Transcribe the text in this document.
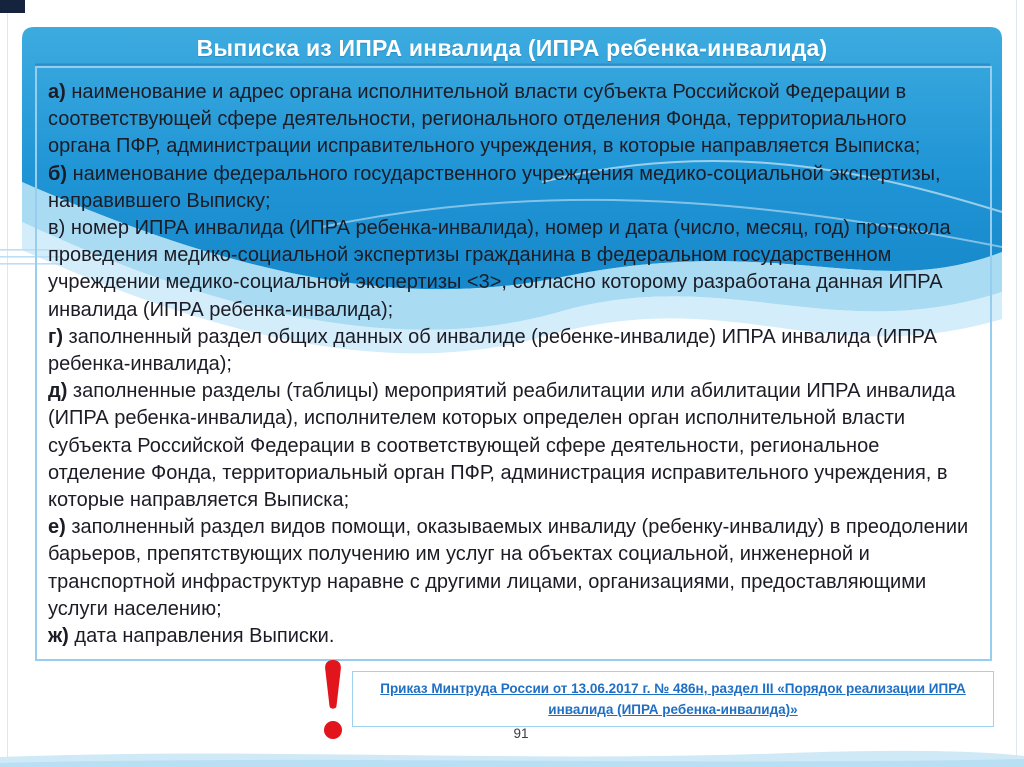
Выписка из ИПРА инвалида (ИПРА ребенка-инвалида)

а) наименование и адрес органа исполнительной власти субъекта Российской Федерации в соответствующей сфере деятельности, регионального отделения Фонда, территориального органа ПФР, администрации исправительного учреждения, в которые направляется Выписка;

б) наименование федерального государственного учреждения медико-социальной экспертизы, направившего Выписку;

в) номер ИПРА инвалида (ИПРА ребенка-инвалида), номер и дата (число, месяц, год) протокола проведения медико-социальной экспертизы гражданина в федеральном государственном учреждении медико-социальной экспертизы <3>, согласно которому разработана данная ИПРА инвалида (ИПРА ребенка-инвалида);

г) заполненный раздел общих данных об инвалиде (ребенке-инвалиде) ИПРА инвалида (ИПРА ребенка-инвалида);

д) заполненные разделы (таблицы) мероприятий реабилитации или абилитации ИПРА инвалида (ИПРА ребенка-инвалида), исполнителем которых определен орган исполнительной власти субъекта Российской Федерации в соответствующей сфере деятельности, региональное отделение Фонда, территориальный орган ПФР, администрация исправительного учреждения, в которые направляется Выписка;

е) заполненный раздел видов помощи, оказываемых инвалиду (ребенку-инвалиду) в преодолении барьеров, препятствующих получению им услуг на объектах социальной, инженерной и транспортной инфраструктур наравне с другими лицами, организациями, предоставляющими услуги населению;

ж) дата направления Выписки.

Приказ Минтруда России от 13.06.2017 г. № 486н, раздел III «Порядок реализации ИПРА инвалида (ИПРА ребенка-инвалида)»
91
